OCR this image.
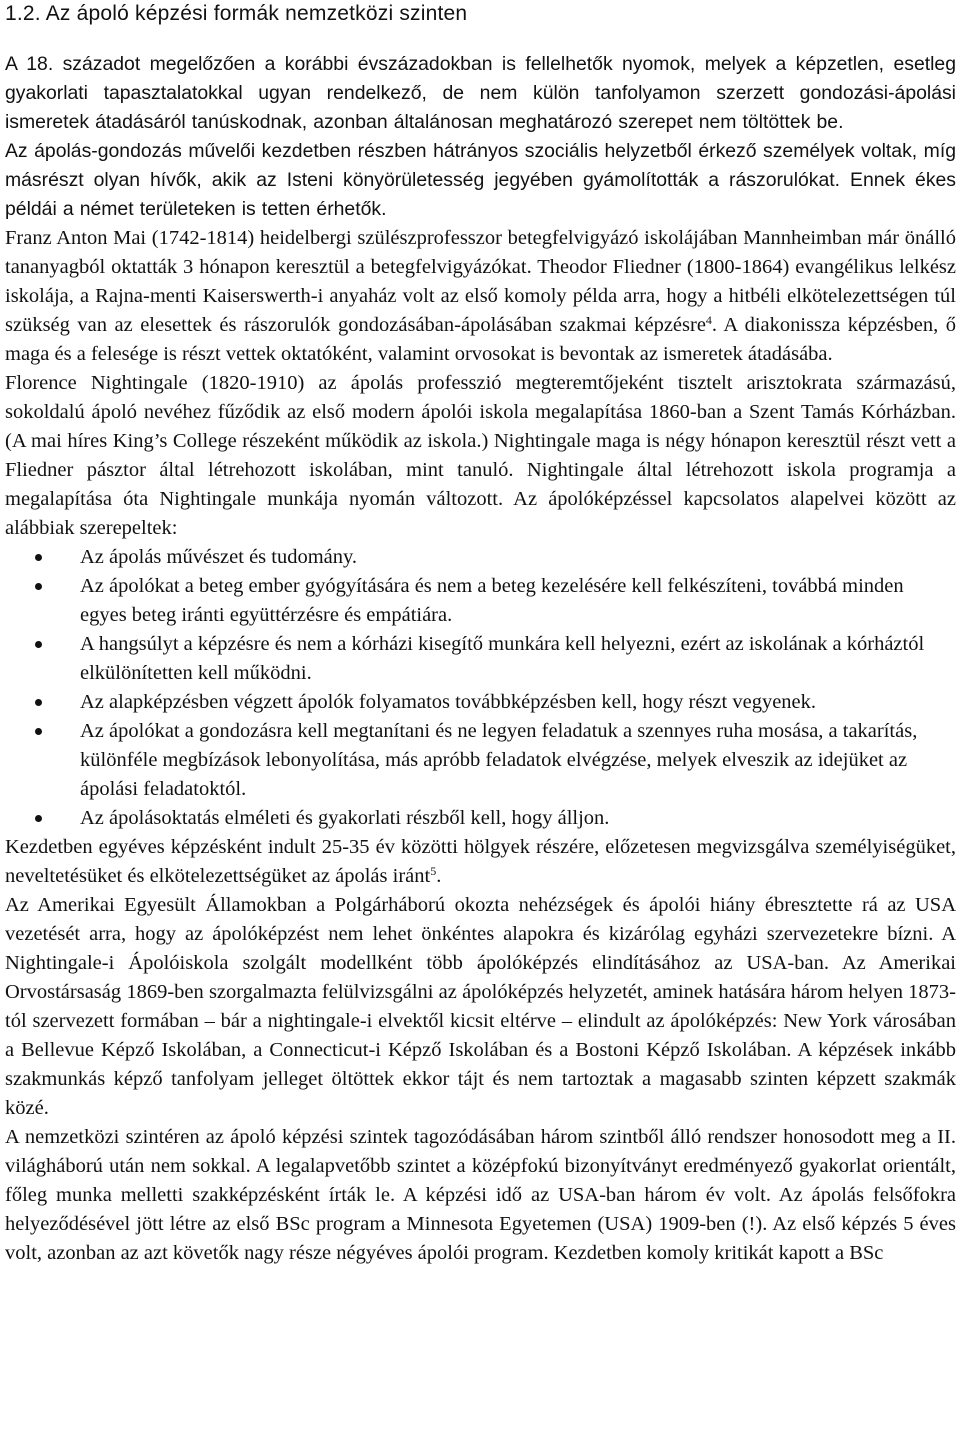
1.2. Az ápoló képzési formák nemzetközi szinten

A 18. századot megelőzően a korábbi évszázadokban is fellelhetők nyomok, melyek a képzetlen, esetleg gyakorlati tapasztalatokkal ugyan rendelkező, de nem külön tanfolyamon szerzett gondozási-ápolási ismeretek átadásáról tanúskodnak, azonban általánosan meghatározó szerepet nem töltöttek be.

Az ápolás-gondozás művelői kezdetben részben hátrányos szociális helyzetből érkező személyek voltak, míg másrészt olyan hívők, akik az Isteni könyörületesség jegyében gyámolították a rászorulókat. Ennek ékes példái a német területeken is tetten érhetők.

Franz Anton Mai (1742-1814) heidelbergi szülészprofesszor betegfelvigyázó iskolájában Mannheimban már önálló tananyagból oktatták 3 hónapon keresztül a betegfelvigyázókat. Theodor Fliedner (1800-1864) evangélikus lelkész iskolája, a Rajna-menti Kaiserswerth-i anyaház volt az első komoly példa arra, hogy a hitbéli elkötelezettségen túl szükség van az elesettek és rászorulók gondozásában-ápolásában szakmai képzésre$^4$. A diakonissza képzésben, ő maga és a felesége is részt vettek oktatóként, valamint orvosokat is bevontak az ismeretek átadásába.

Florence Nightingale (1820-1910) az ápolás professzió megteremtőjeként tisztelt arisztokrata származású, sokoldalú ápoló nevéhez fűződik az első modern ápolói iskola megalapítása 1860-ban a Szent Tamás Kórházban. (A mai híres King’s College részeként működik az iskola.) Nightingale maga is négy hónapon keresztül részt vett a Fliedner pásztor által létrehozott iskolában, mint tanuló. Nightingale által létrehozott iskola programja a megalapítása óta Nightingale munkája nyomán változott. Az ápolóképzéssel kapcsolatos alapelvei között az alábbiak szerepeltek:

Az ápolás művészet és tudomány.
Az ápolókat a beteg ember gyógyítására és nem a beteg kezelésére kell felkészíteni, továbbá minden egyes beteg iránti együttérzésre és empátiára.
A hangsúlyt a képzésre és nem a kórházi kisegítő munkára kell helyezni, ezért az iskolának a kórháztól elkülönítetten kell működni.
Az alapképzésben végzett ápolók folyamatos továbbképzésben kell, hogy részt vegyenek.
Az ápolókat a gondozásra kell megtanítani és ne legyen feladatuk a szennyes ruha mosása, a takarítás, különféle megbízások lebonyolítása, más apróbb feladatok elvégzése, melyek elveszik az idejüket az ápolási feladatoktól.
Az ápolásoktatás elméleti és gyakorlati részből kell, hogy álljon.

Kezdetben egyéves képzésként indult 25-35 év közötti hölgyek részére, előzetesen megvizsgálva személyiségüket, neveltetésüket és elkötelezettségüket az ápolás iránt$^5$.

Az Amerikai Egyesült Államokban a Polgárháború okozta nehézségek és ápolói hiány ébresztette rá az USA vezetését arra, hogy az ápolóképzést nem lehet önkéntes alapokra és kizárólag egyházi szervezetekre bízni. A Nightingale-i Ápolóiskola szolgált modellként több ápolóképzés elindításához az USA-ban. Az Amerikai Orvostársaság 1869-ben szorgalmazta felülvizsgálni az ápolóképzés helyzetét, aminek hatására három helyen 1873-tól szervezett formában – bár a nightingale-i elvektől kicsit eltérve – elindult az ápolóképzés: New York városában a Bellevue Képző Iskolában, a Connecticut-i Képző Iskolában és a Bostoni Képző Iskolában. A képzések inkább szakmunkás képző tanfolyam jelleget öltöttek ekkor tájt és nem tartoztak a magasabb szinten képzett szakmák közé.

A nemzetközi szintéren az ápoló képzési szintek tagozódásában három szintből álló rendszer honosodott meg a II. világháború után nem sokkal. A legalapvetőbb szintet a középfokú bizonyítványt eredményező gyakorlat orientált, főleg munka melletti szakképzésként írták le. A képzési idő az USA-ban három év volt. Az ápolás felsőfokra helyeződésével jött létre az első BSc program a Minnesota Egyetemen (USA) 1909-ben (!). Az első képzés 5 éves volt, azonban az azt követők nagy része négyéves ápolói program. Kezdetben komoly kritikát kapott a BSc
